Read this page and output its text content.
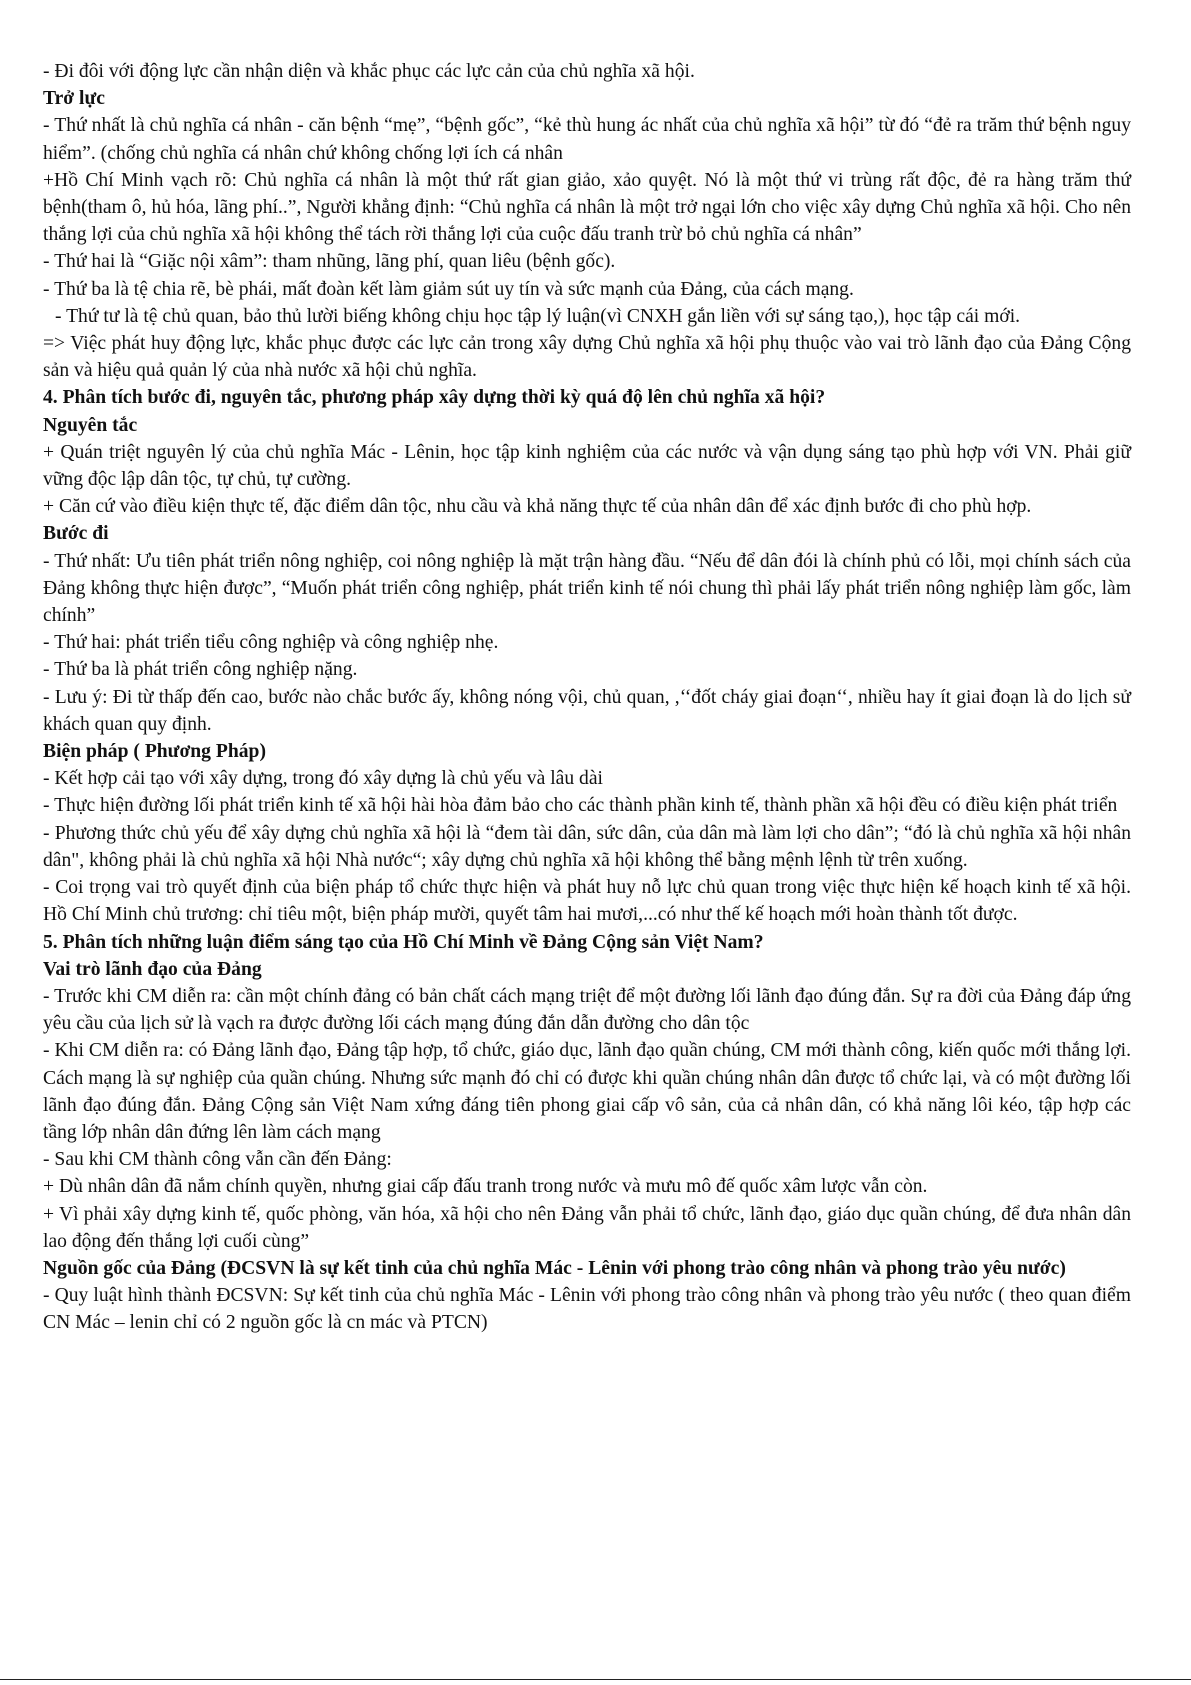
- Đi đôi với động lực cần nhận diện và khắc phục các lực cản của chủ nghĩa xã hội.

Trở lực

- Thứ nhất là chủ nghĩa cá nhân - căn bệnh “mẹ”, “bệnh gốc”, “kẻ thù hung ác nhất của chủ nghĩa xã hội” từ đó “đẻ ra trăm thứ bệnh nguy hiểm”. (chống chủ nghĩa cá nhân chứ không chống lợi ích cá nhân

+Hồ Chí Minh vạch rõ: Chủ nghĩa cá nhân là một thứ rất gian giảo, xảo quyệt. Nó là một thứ vi trùng rất độc, đẻ ra hàng trăm thứ bệnh(tham ô, hủ hóa, lãng phí..”, Người khẳng định: “Chủ nghĩa cá nhân là một trở ngại lớn cho việc xây dựng Chủ nghĩa xã hội. Cho nên thắng lợi của chủ nghĩa xã hội không thể tách rời thắng lợi của cuộc đấu tranh trừ bỏ chủ nghĩa cá nhân”

- Thứ hai là “Giặc nội xâm”: tham nhũng, lãng phí, quan liêu (bệnh gốc).

- Thứ ba là tệ chia rẽ, bè phái, mất đoàn kết làm giảm sút uy tín và sức mạnh của Đảng, của cách mạng.

- Thứ tư là tệ chủ quan, bảo thủ lười biếng không chịu học tập lý luận(vì CNXH gắn liền với sự sáng tạo,), học tập cái mới.

=> Việc phát huy động lực, khắc phục được các lực cản trong xây dựng Chủ nghĩa xã hội phụ thuộc vào vai trò lãnh đạo của Đảng Cộng sản và hiệu quả quản lý của nhà nước xã hội chủ nghĩa.

4. Phân tích bước đi, nguyên tắc, phương pháp xây dựng thời kỳ quá độ lên chủ nghĩa xã hội?

Nguyên tắc

+ Quán triệt nguyên lý của chủ nghĩa Mác - Lênin, học tập kinh nghiệm của các nước và vận dụng sáng tạo phù hợp với VN. Phải giữ vững độc lập dân tộc, tự chủ, tự cường.

+ Căn cứ vào điều kiện thực tế, đặc điểm dân tộc, nhu cầu và khả năng thực tế của nhân dân để xác định bước đi cho phù hợp.

Bước đi

- Thứ nhất: Ưu tiên phát triển nông nghiệp, coi nông nghiệp là mặt trận hàng đầu. “Nếu để dân đói là chính phủ có lỗi, mọi chính sách của Đảng không thực hiện được”, “Muốn phát triển công nghiệp, phát triển kinh tế nói chung thì phải lấy phát triển nông nghiệp làm gốc, làm chính”

- Thứ hai: phát triển tiểu công nghiệp và công nghiệp nhẹ.

- Thứ ba là phát triển công nghiệp nặng.

- Lưu ý: Đi từ thấp đến cao, bước nào chắc bước ấy, không nóng vội, chủ quan, ,‘‘đốt cháy giai đoạn‘‘, nhiều hay ít giai đoạn là do lịch sử khách quan quy định.

Biện pháp ( Phương Pháp)

- Kết hợp cải tạo với xây dựng, trong đó xây dựng là chủ yếu và lâu dài

- Thực hiện đường lối phát triển kinh tế xã hội hài hòa đảm bảo cho các thành phần kinh tế, thành phần xã hội đều có điều kiện phát triển

- Phương thức chủ yếu để xây dựng chủ nghĩa xã hội là “đem tài dân, sức dân, của dân mà làm lợi cho dân”; “đó là chủ nghĩa xã hội nhân dân", không phải là chủ nghĩa xã hội Nhà nước“; xây dựng chủ nghĩa xã hội không thể bằng mệnh lệnh từ trên xuống.

- Coi trọng vai trò quyết định của biện pháp tổ chức thực hiện và phát huy nỗ lực chủ quan trong việc thực hiện kế hoạch kinh tế xã hội. Hồ Chí Minh chủ trương: chỉ tiêu một, biện pháp mười, quyết tâm hai mươi,...có như thế kế hoạch mới hoàn thành tốt được.

5. Phân tích những luận điểm sáng tạo của Hồ Chí Minh về Đảng Cộng sản Việt Nam?

Vai trò lãnh đạo của Đảng

- Trước khi CM diễn ra: cần một chính đảng có bản chất cách mạng triệt để một đường lối lãnh đạo đúng đắn. Sự ra đời của Đảng đáp ứng yêu cầu của lịch sử là vạch ra được đường lối cách mạng đúng đắn dẫn đường cho dân tộc

- Khi CM diễn ra: có Đảng lãnh đạo, Đảng tập hợp, tổ chức, giáo dục, lãnh đạo quần chúng, CM mới thành công, kiến quốc mới thắng lợi. Cách mạng là sự nghiệp của quần chúng. Nhưng sức mạnh đó chỉ có được khi quần chúng nhân dân được tổ chức lại, và có một đường lối lãnh đạo đúng đắn. Đảng Cộng sản Việt Nam xứng đáng tiên phong giai cấp vô sản, của cả nhân dân, có khả năng lôi kéo, tập hợp các tầng lớp nhân dân đứng lên làm cách mạng

- Sau khi CM thành công vẫn cần đến Đảng:

+ Dù nhân dân đã nắm chính quyền, nhưng giai cấp đấu tranh trong nước và mưu mô đế quốc xâm lược vẫn còn.

+ Vì phải xây dựng kinh tế, quốc phòng, văn hóa, xã hội cho nên Đảng vẫn phải tổ chức, lãnh đạo, giáo dục quần chúng, để đưa nhân dân lao động đến thắng lợi cuối cùng”

Nguồn gốc của Đảng (ĐCSVN là sự kết tinh của chủ nghĩa Mác - Lênin với phong trào công nhân và phong trào yêu nước)

- Quy luật hình thành ĐCSVN: Sự kết tinh của chủ nghĩa Mác - Lênin với phong trào công nhân và phong trào yêu nước ( theo quan điểm CN Mác – lenin chỉ có 2 nguồn gốc là cn mác và PTCN)
